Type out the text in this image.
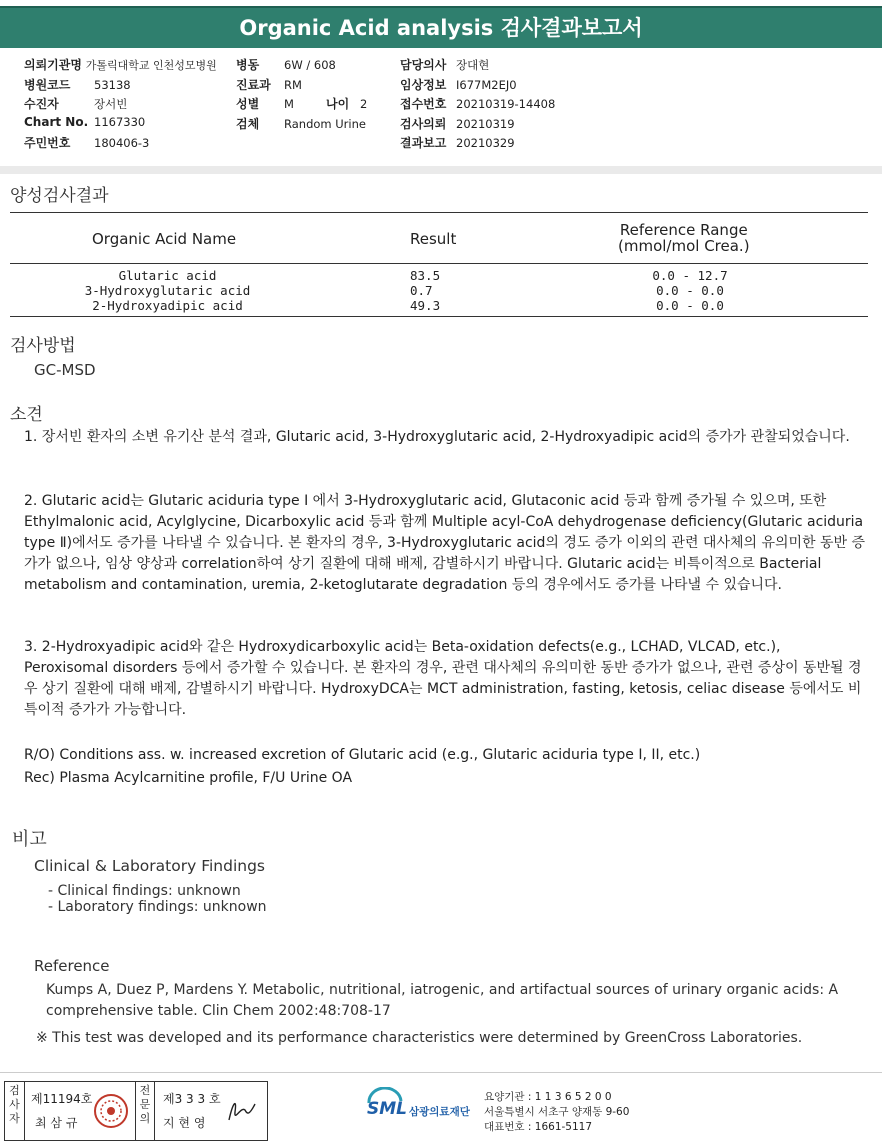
Organic Acid analysis 검사결과보고서
의뢰기관명 가톨릭대학교 인천성모병원
병원코드 53138
수진자	장서빈
Chart No. 1167330
주민번호 180406-3
병동 6W / 608
진료과 RM
성별 M	나이 2
검체 Random Urine
담당의사 장대현
임상정보 I677M2EJ0
접수번호 20210319-14408
검사의뢰 20210319
결과보고 20210329
양성검사결과
Organic Acid Name	Result	Reference Range
(mmol/mol Crea.)
Glutaric acid	83.5	0.0 - 12.7
3-Hydroxyglutaric acid	0.7	0.0 - 0.0
2-Hydroxyadipic acid	49.3	0.0 - 0.0
검사방법
GC-MSD
소견
1. 장서빈 환자의 소변 유기산 분석 결과, Glutaric acid, 3-Hydroxyglutaric acid, 2-Hydroxyadipic acid의 증가가 관찰되었습니다.
2. Glutaric acid는 Glutaric aciduria type I 에서 3-Hydroxyglutaric acid, Glutaconic acid 등과 함께 증가될 수 있으며, 또한 Ethylmalonic acid, Acylglycine, Dicarboxylic acid 등과 함께 Multiple acyl-CoA dehydrogenase deficiency(Glutaric aciduria type Ⅱ)에서도 증가를 나타낼 수 있습니다. 본 환자의 경우, 3-Hydroxyglutaric acid의 경도 증가 이외의 관련 대사체의 유의미한 동반 증가가 없으나, 임상 양상과 correlation하여 상기 질환에 대해 배제, 감별하시기 바랍니다. Glutaric acid는 비특이적으로 Bacterial metabolism and contamination, uremia, 2-ketoglutarate degradation 등의 경우에서도 증가를 나타낼 수 있습니다.
3. 2-Hydroxyadipic acid와 같은 Hydroxydicarboxylic acid는 Beta-oxidation defects(e.g., LCHAD, VLCAD, etc.), Peroxisomal disorders 등에서 증가할 수 있습니다. 본 환자의 경우, 관련 대사체의 유의미한 동반 증가가 없으나, 관련 증상이 동반될 경우 상기 질환에 대해 배제, 감별하시기 바랍니다. HydroxyDCA는 MCT administration, fasting, ketosis, celiac disease 등에서도 비특이적 증가가 가능합니다.
R/O) Conditions ass. w. increased excretion of Glutaric acid (e.g., Glutaric aciduria type I, II, etc.)
Rec) Plasma Acylcarnitine profile, F/U Urine OA
비고
Clinical & Laboratory Findings
- Clinical findings: unknown
- Laboratory findings: unknown
Reference
Kumps A, Duez P, Mardens Y. Metabolic, nutritional, iatrogenic, and artifactual sources of urinary organic acids: A comprehensive table. Clin Chem 2002:48:708-17
※ This test was developed and its performance characteristics were determined by GreenCross Laboratories.
검
사
자
제11194호
최 삼 규
전
문
의
제3 3 3 호
지 현 영
SML 삼광의료재단
요양기관 : 1 1 3 6 5 2 0 0
서울특별시 서초구 양재동 9-60
대표번호 : 1661-5117
